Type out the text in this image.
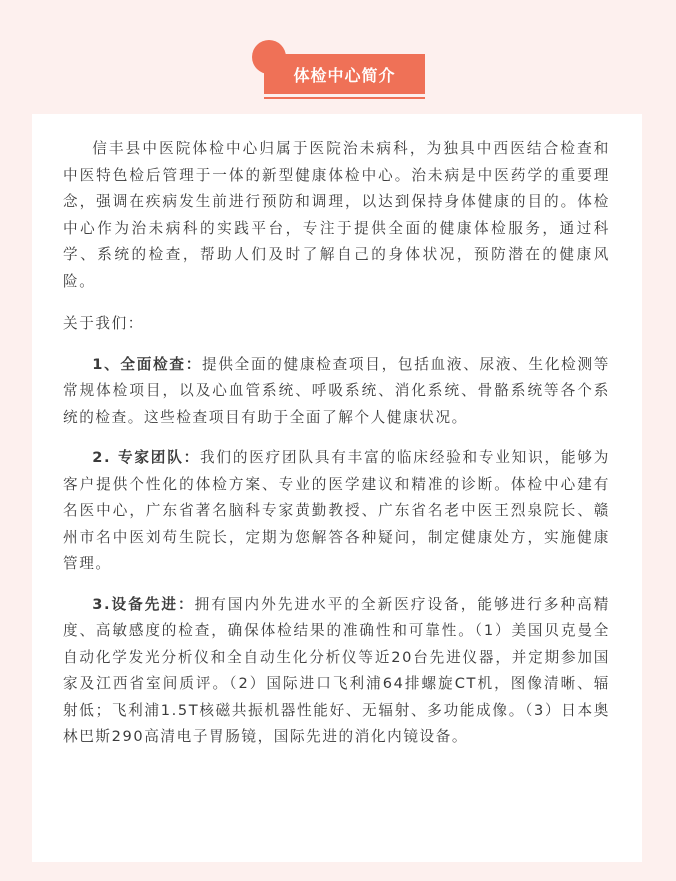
体检中心简介

信丰县中医院体检中心归属于医院治未病科，为独具中西医结合检查和中医特色检后管理于一体的新型健康体检中心。治未病是中医药学的重要理念，强调在疾病发生前进行预防和调理，以达到保持身体健康的目的。体检中心作为治未病科的实践平台，专注于提供全面的健康体检服务，通过科学、系统的检查，帮助人们及时了解自己的身体状况，预防潜在的健康风险。

关于我们：

1、全面检查：提供全面的健康检查项目，包括血液、尿液、生化检测等常规体检项目，以及心血管系统、呼吸系统、消化系统、骨骼系统等各个系统的检查。这些检查项目有助于全面了解个人健康状况。

2. 专家团队：我们的医疗团队具有丰富的临床经验和专业知识，能够为客户提供个性化的体检方案、专业的医学建议和精准的诊断。体检中心建有名医中心，广东省著名脑科专家黄勤教授、广东省名老中医王烈泉院长、赣州市名中医刘苟生院长，定期为您解答各种疑问，制定健康处方，实施健康管理。

3.设备先进：拥有国内外先进水平的全新医疗设备，能够进行多种高精度、高敏感度的检查，确保体检结果的准确性和可靠性。（1）美国贝克曼全自动化学发光分析仪和全自动生化分析仪等近20台先进仪器，并定期参加国家及江西省室间质评。（2）国际进口飞利浦64排螺旋CT机，图像清晰、辐射低；飞利浦1.5T核磁共振机器性能好、无辐射、多功能成像。（3）日本奥林巴斯290高清电子胃肠镜，国际先进的消化内镜设备。
